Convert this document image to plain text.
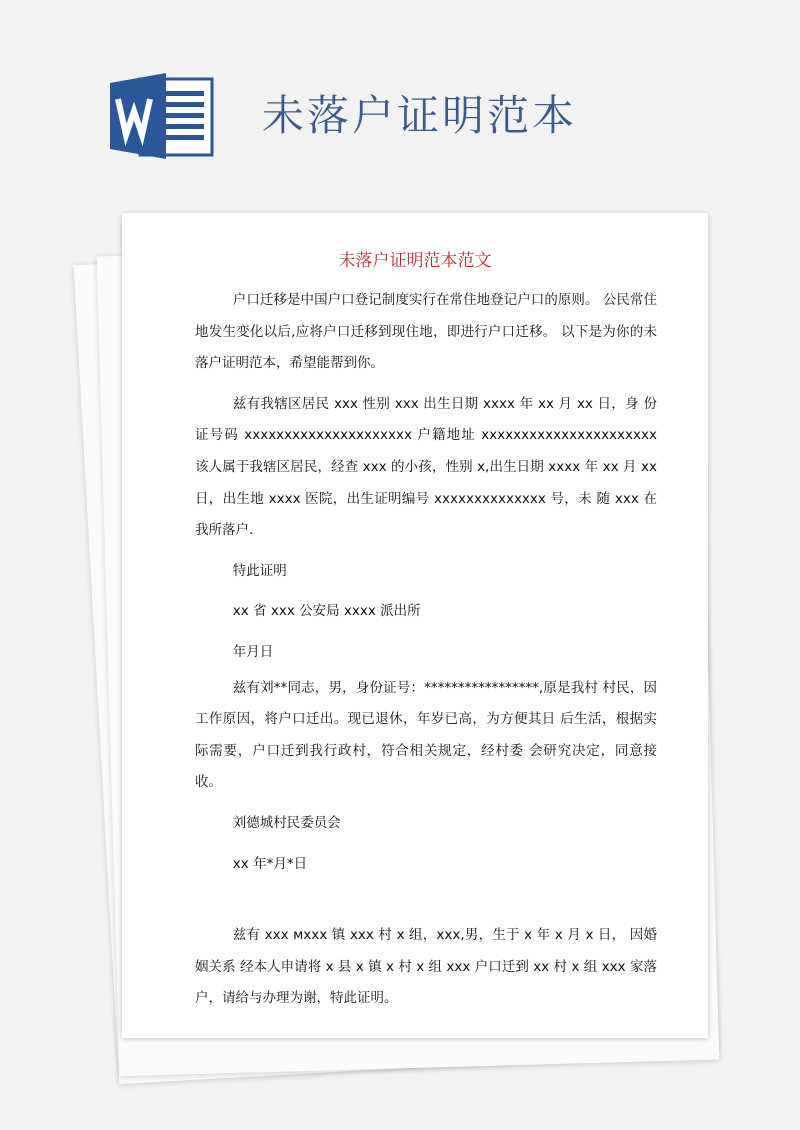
未落户证明范本
未落户证明范本范文

户口迁移是中国户口登记制度实行在常住地登记户口的原则。 公民常住地发生变化以后,应将户口迁移到现住地，即进行户口迁移。 以下是为你的未落户证明范本，希望能帮到你。

兹有我辖区居民 xxx 性别 xxx 出生日期 xxxx 年 xx 月 xx 日，身 份证号码 xxxxxxxxxxxxxxxxxxxxx 户籍地址 xxxxxxxxxxxxxxxxxxxxxx 该人属于我辖区居民，经查 xxx 的小孩，性别 x,出生日期 xxxx 年 xx 月 xx 日，出生地 xxxx 医院，出生证明编号 xxxxxxxxxxxxxx 号，未 随 xxx 在我所落户.

特此证明

xx 省 xxx 公安局 xxxx 派出所

年月日

兹有刘**同志，男，身份证号：*****************,原是我村 村民，因工作原因，将户口迁出。现已退休，年岁已高，为方便其日 后生活，根据实际需要，户口迁到我行政村，符合相关规定，经村委 会研究决定，同意接收。

刘德城村民委员会

xx 年*月*日

兹有 xxx мxxx 镇 xxx 村 x 组，xxx,男，生于 x 年 x 月 x 日， 因婚姻关系 经本人申请将 x 县 x 镇 x 村 x 组 xxx 户口迁到 xx 村 x 组 xxx 家落户，请给与办理为谢，特此证明。
